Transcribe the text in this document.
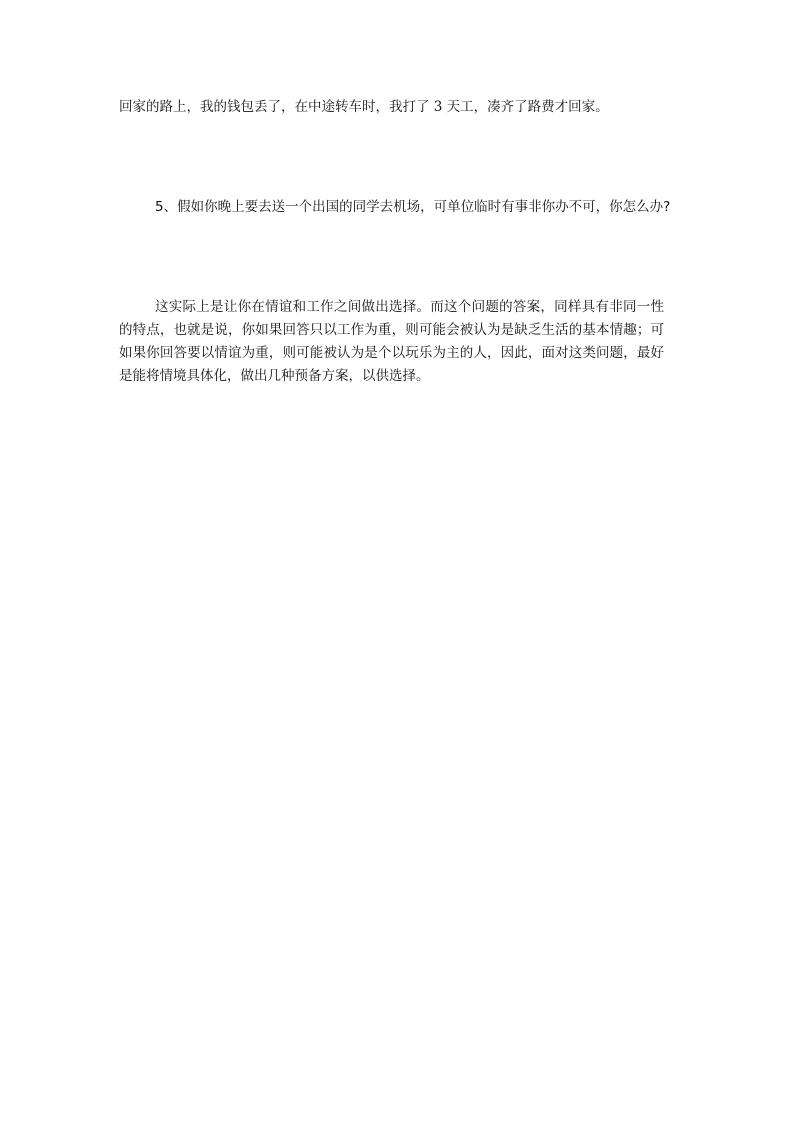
回家的路上，我的钱包丢了，在中途转车时，我打了 3 天工，凑齐了路费才回家。
5、假如你晚上要去送一个出国的同学去机场，可单位临时有事非你办不可，你怎么办?
这实际上是让你在情谊和工作之间做出选择。而这个问题的答案，同样具有非同一性的特点，也就是说，你如果回答只以工作为重，则可能会被认为是缺乏生活的基本情趣；可如果你回答要以情谊为重，则可能被认为是个以玩乐为主的人，因此，面对这类问题，最好是能将情境具体化，做出几种预备方案，以供选择。
